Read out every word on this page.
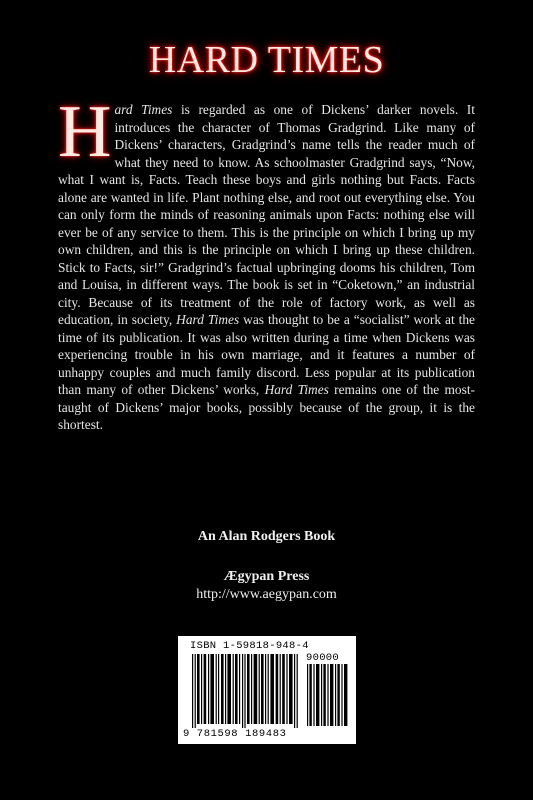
HARD TIMES

Hard Times is regarded as one of Dickens’ darker novels. It introduces the character of Thomas Gradgrind. Like many of Dickens’ characters, Gradgrind’s name tells the reader much of what they need to know. As schoolmaster Gradgrind says, “Now, what I want is, Facts. Teach these boys and girls nothing but Facts. Facts alone are wanted in life. Plant nothing else, and root out everything else. You can only form the minds of reasoning animals upon Facts: nothing else will ever be of any service to them. This is the principle on which I bring up my own children, and this is the principle on which I bring up these children. Stick to Facts, sir!” Gradgrind’s factual upbringing dooms his children, Tom and Louisa, in different ways. The book is set in “Coketown,” an industrial city. Because of its treatment of the role of factory work, as well as education, in society, Hard Times was thought to be a “socialist” work at the time of its publication. It was also written during a time when Dickens was experiencing trouble in his own marriage, and it features a number of unhappy couples and much family discord. Less popular at its publication than many of other Dickens’ works, Hard Times remains one of the most-taught of Dickens’ major books, possibly because of the group, it is the shortest.

An Alan Rodgers Book
Ægypan Press
http://www.aegypan.com
ISBN 1-59818-948-4
90000
9 781598 189483
